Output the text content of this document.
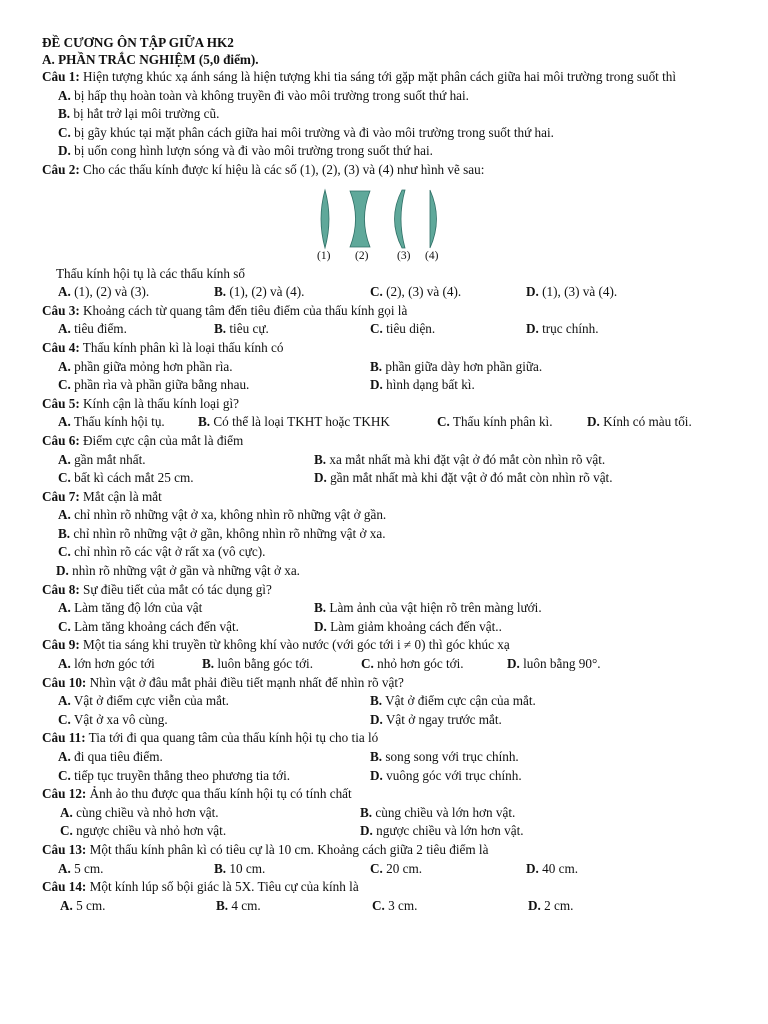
ĐỀ CƯƠNG ÔN TẬP GIỮA HK2
A. PHẦN TRẮC NGHIỆM (5,0 điểm).
Câu 1: Hiện tượng khúc xạ ánh sáng là hiện tượng khi tia sáng tới gặp mặt phân cách giữa hai môi trường trong suốt thì
A. bị hấp thụ hoàn toàn và không truyền đi vào môi trường trong suốt thứ hai.
B. bị hắt trở lại môi trường cũ.
C. bị gãy khúc tại mặt phân cách giữa hai môi trường và đi vào môi trường trong suốt thứ hai.
D. bị uốn cong hình lượn sóng và đi vào môi trường trong suốt thứ hai.
Câu 2: Cho các thấu kính được kí hiệu là các số (1), (2), (3) và (4) như hình vẽ sau:
(1)	(2)	(3)	(4)
Thấu kính hội tụ là các thấu kính số
A. (1), (2) và (3).	B. (1), (2) và (4).	C. (2), (3) và (4).	D. (1), (3) và (4).
Câu 3: Khoảng cách từ quang tâm đến tiêu điểm của thấu kính gọi là
A. tiêu điểm.	B. tiêu cự.	C. tiêu diện.	D. trục chính.
Câu 4: Thấu kính phân kì là loại thấu kính có
A. phần giữa mỏng hơn phần rìa.	B. phần giữa dày hơn phần giữa.
C. phần rìa và phần giữa bằng nhau.	D. hình dạng bất kì.
Câu 5: Kính cận là thấu kính loại gì?
A. Thấu kính hội tụ.	B. Có thể là loại TKHT hoặc TKHK	C. Thấu kính phân kì.	D. Kính có màu tối.
Câu 6: Điểm cực cận của mắt là điểm
A. gần mắt nhất.	B. xa mắt nhất mà khi đặt vật ở đó mắt còn nhìn rõ vật.
C. bất kì cách mắt 25 cm.	D. gần mắt nhất mà khi đặt vật ở đó mắt còn nhìn rõ vật.
Câu 7: Mắt cận là mắt
A. chỉ nhìn rõ những vật ở xa, không nhìn rõ những vật ở gần.
B. chỉ nhìn rõ những vật ở gần, không nhìn rõ những vật ở xa.
C. chỉ nhìn rõ các vật ở rất xa (vô cực).
D. nhìn rõ những vật ở gần và những vật ở xa.
Câu 8: Sự điều tiết của mắt có tác dụng gì?
A. Làm tăng độ lớn của vật	B. Làm ảnh của vật hiện rõ trên màng lưới.
C. Làm tăng khoảng cách đến vật.	D. Làm giảm khoảng cách đến vật..
Câu 9: Một tia sáng khi truyền từ không khí vào nước (với góc tới i ≠ 0) thì góc khúc xạ
A. lớn hơn góc tới	B. luôn bằng góc tới.	C. nhỏ hơn góc tới.	D. luôn bằng 90°.
Câu 10: Nhìn vật ở đâu mắt phải điều tiết mạnh nhất để nhìn rõ vật?
A. Vật ở điểm cực viễn của mắt.	B. Vật ở điểm cực cận của mắt.
C. Vật ở xa vô cùng.	D. Vật ở ngay trước mắt.
Câu 11: Tia tới đi qua quang tâm của thấu kính hội tụ cho tia ló
A. đi qua tiêu điểm.	B. song song với trục chính.
C. tiếp tục truyền thẳng theo phương tia tới.	D. vuông góc với trục chính.
Câu 12: Ảnh ảo thu được qua thấu kính hội tụ có tính chất
A. cùng chiều và nhỏ hơn vật.	B. cùng chiều và lớn hơn vật.
C. ngược chiều và nhỏ hơn vật.	D. ngược chiều và lớn hơn vật.
Câu 13: Một thấu kính phân kì có tiêu cự là 10 cm. Khoảng cách giữa 2 tiêu điểm là
A. 5 cm.	B. 10 cm.	C. 20 cm.	D. 40 cm.
Câu 14: Một kính lúp số bội giác là 5X. Tiêu cự của kính là
A. 5 cm.	B. 4 cm.	C. 3 cm.	D. 2 cm.
